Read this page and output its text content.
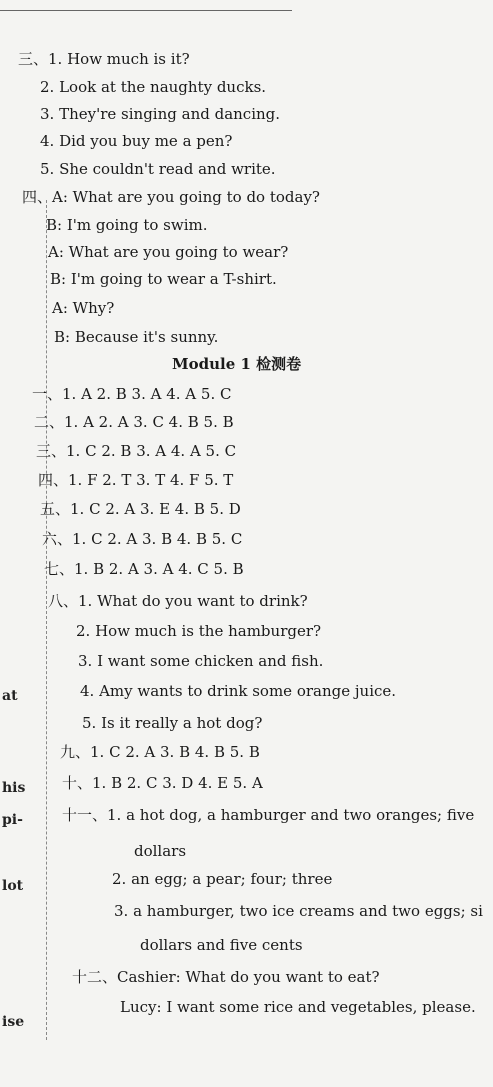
at
his
pi-
lot
ise
三、1. How much is it?
2. Look at the naughty ducks.
3. They're singing and dancing.
4. Did you buy me a pen?
5. She couldn't read and write.
四、A: What are you going to do today?
B: I'm going to swim.
A: What are you going to wear?
B: I'm going to wear a T-shirt.
A: Why?
B: Because it's sunny.
Module 1 检测卷
一、1. A 2. B 3. A 4. A 5. C
二、1. A 2. A 3. C 4. B 5. B
三、1. C 2. B 3. A 4. A 5. C
四、1. F 2. T 3. T 4. F 5. T
五、1. C 2. A 3. E 4. B 5. D
六、1. C 2. A 3. B 4. B 5. C
七、1. B 2. A 3. A 4. C 5. B
八、1. What do you want to drink?
2. How much is the hamburger?
3. I want some chicken and fish.
4. Amy wants to drink some orange juice.
5. Is it really a hot dog?
九、1. C 2. A 3. B 4. B 5. B
十、1. B 2. C 3. D 4. E 5. A
十一、1. a hot dog, a hamburger and two oranges; five
dollars
2. an egg; a pear; four; three
3. a hamburger, two ice creams and two eggs; si
dollars and five cents
十二、Cashier: What do you want to eat?
Lucy: I want some rice and vegetables, please.
